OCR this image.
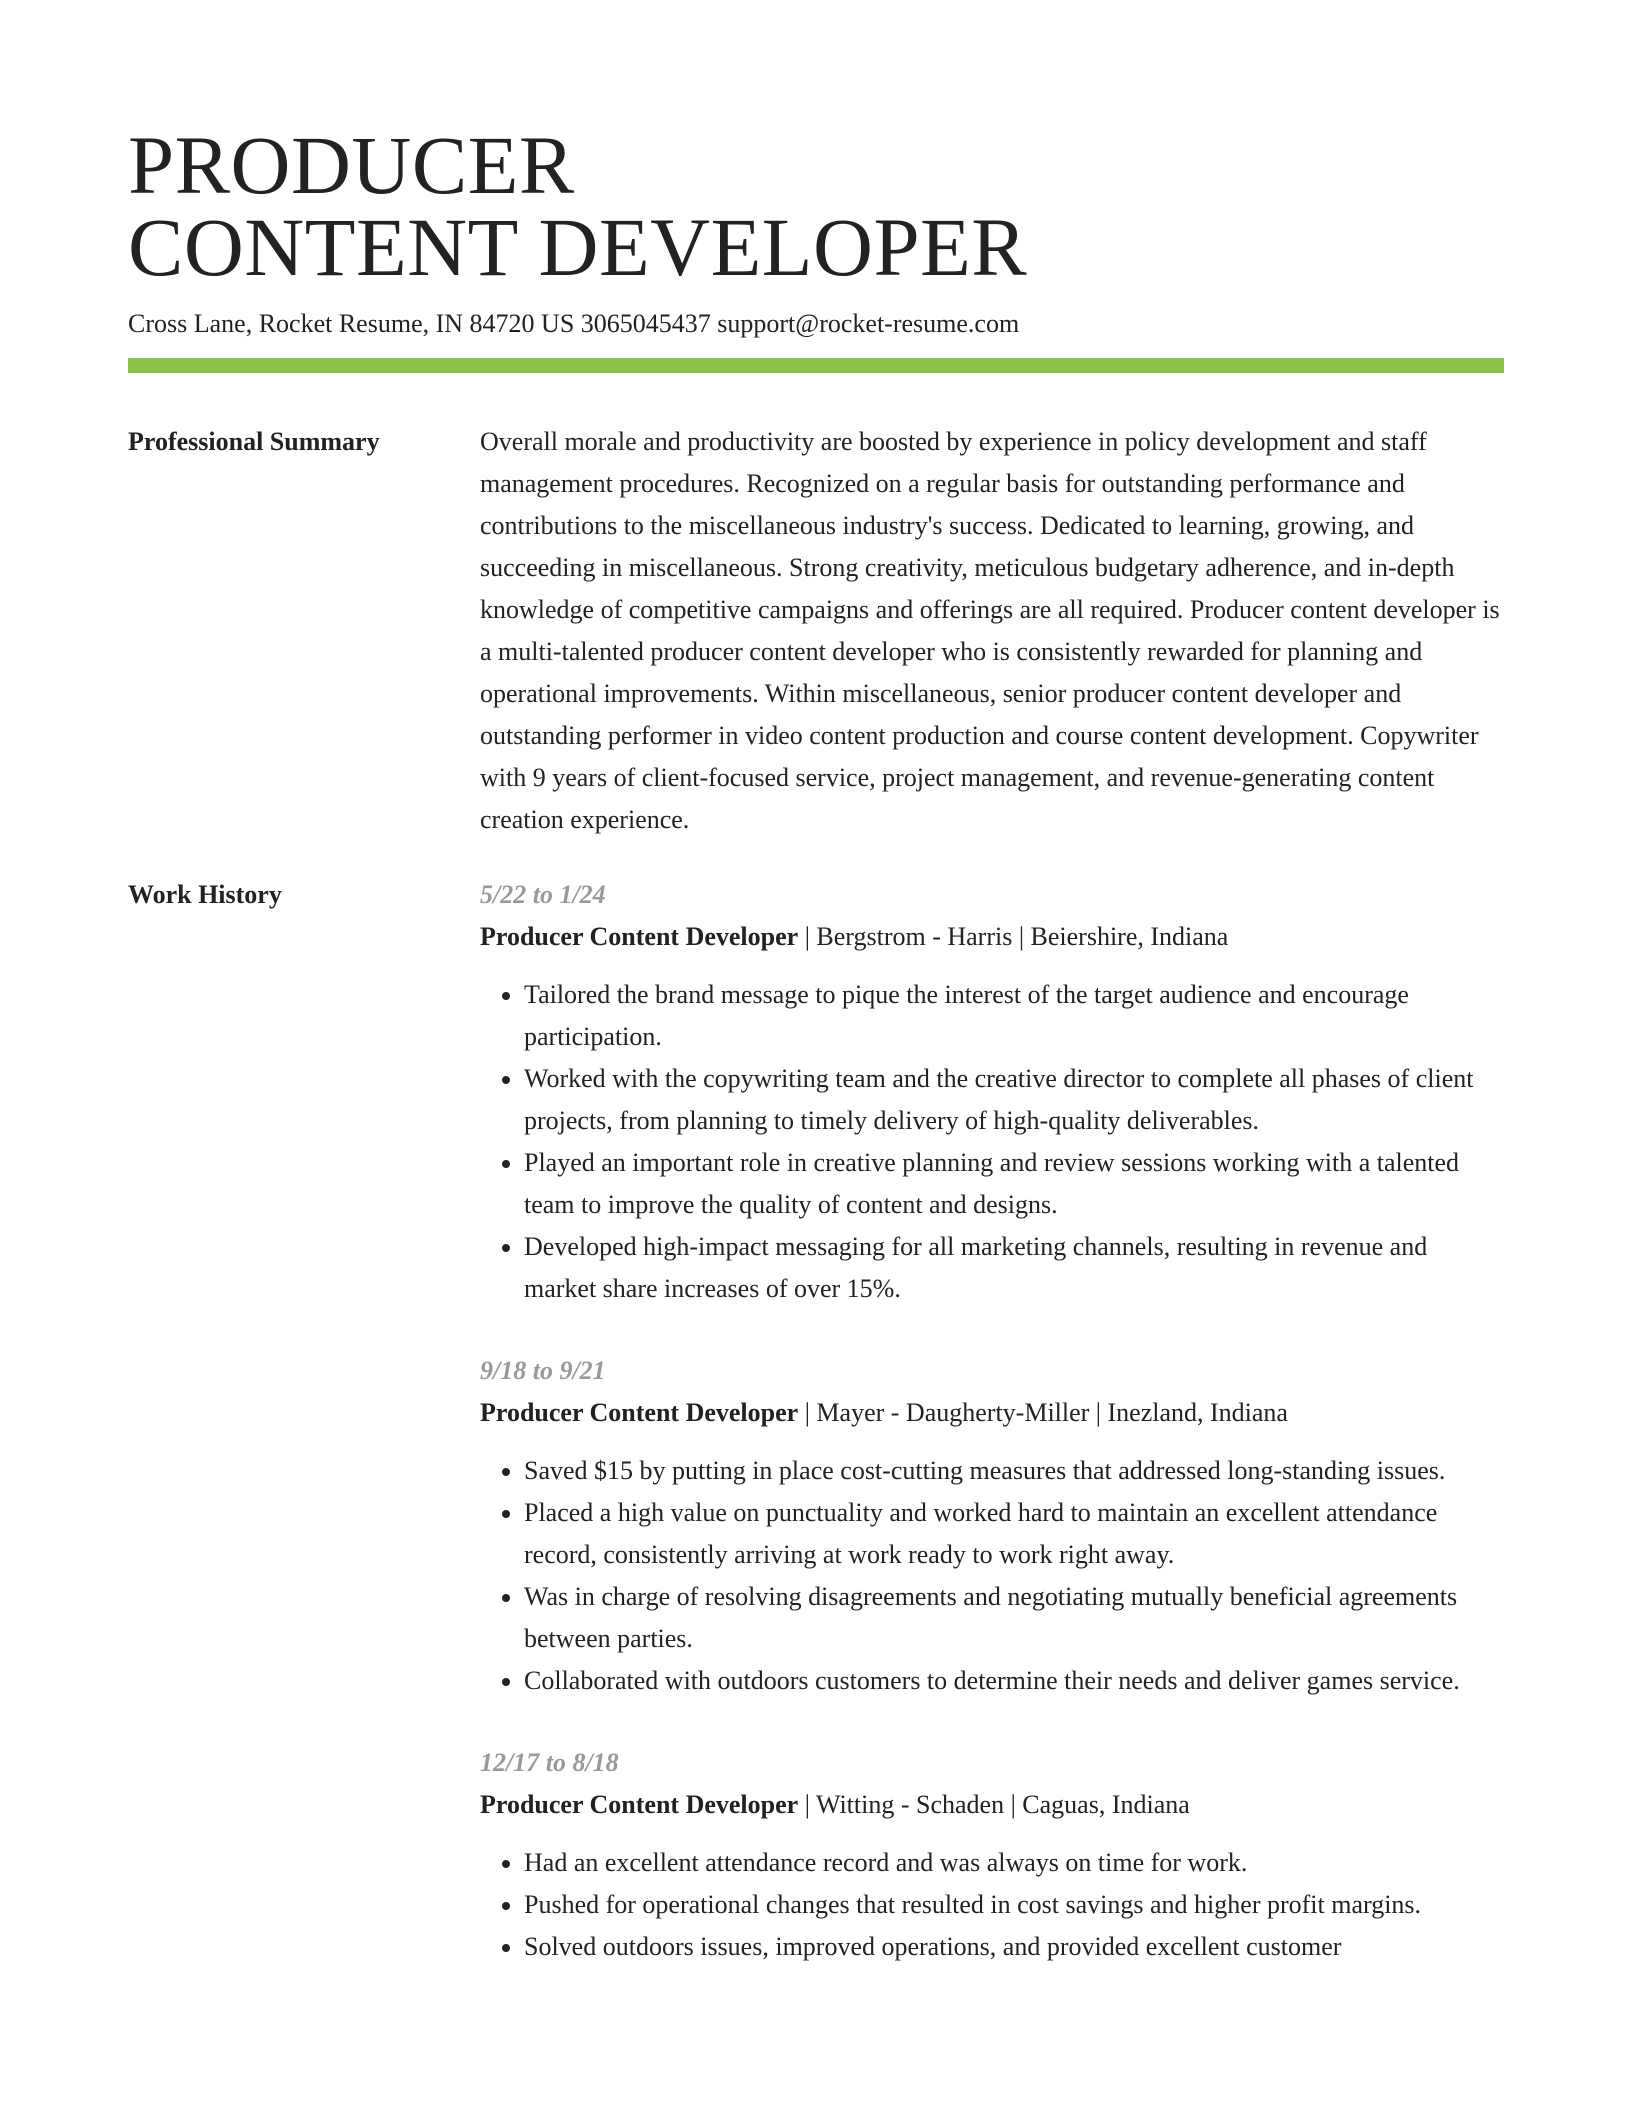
PRODUCER
CONTENT DEVELOPER
Cross Lane, Rocket Resume, IN 84720 US 3065045437 support@rocket-resume.com
Professional Summary	Overall morale and productivity are boosted by experience in policy development and staff management procedures. Recognized on a regular basis for outstanding performance and contributions to the miscellaneous industry's success. Dedicated to learning, growing, and succeeding in miscellaneous. Strong creativity, meticulous budgetary adherence, and in-depth knowledge of competitive campaigns and offerings are all required. Producer content developer is a multi-talented producer content developer who is consistently rewarded for planning and operational improvements. Within miscellaneous, senior producer content developer and outstanding performer in video content production and course content development. Copywriter with 9 years of client-focused service, project management, and revenue-generating content creation experience.

Work History	5/22 to 1/24
Producer Content Developer | Bergstrom - Harris | Beiershire, Indiana
• Tailored the brand message to pique the interest of the target audience and encourage participation.
• Worked with the copywriting team and the creative director to complete all phases of client projects, from planning to timely delivery of high-quality deliverables.
• Played an important role in creative planning and review sessions working with a talented team to improve the quality of content and designs.
• Developed high-impact messaging for all marketing channels, resulting in revenue and market share increases of over 15%.
9/18 to 9/21
Producer Content Developer | Mayer - Daugherty-Miller | Inezland, Indiana
• Saved $15 by putting in place cost-cutting measures that addressed long-standing issues.
• Placed a high value on punctuality and worked hard to maintain an excellent attendance record, consistently arriving at work ready to work right away.
• Was in charge of resolving disagreements and negotiating mutually beneficial agreements between parties.
• Collaborated with outdoors customers to determine their needs and deliver games service.
12/17 to 8/18
Producer Content Developer | Witting - Schaden | Caguas, Indiana
• Had an excellent attendance record and was always on time for work.
• Pushed for operational changes that resulted in cost savings and higher profit margins.
• Solved outdoors issues, improved operations, and provided excellent customer
